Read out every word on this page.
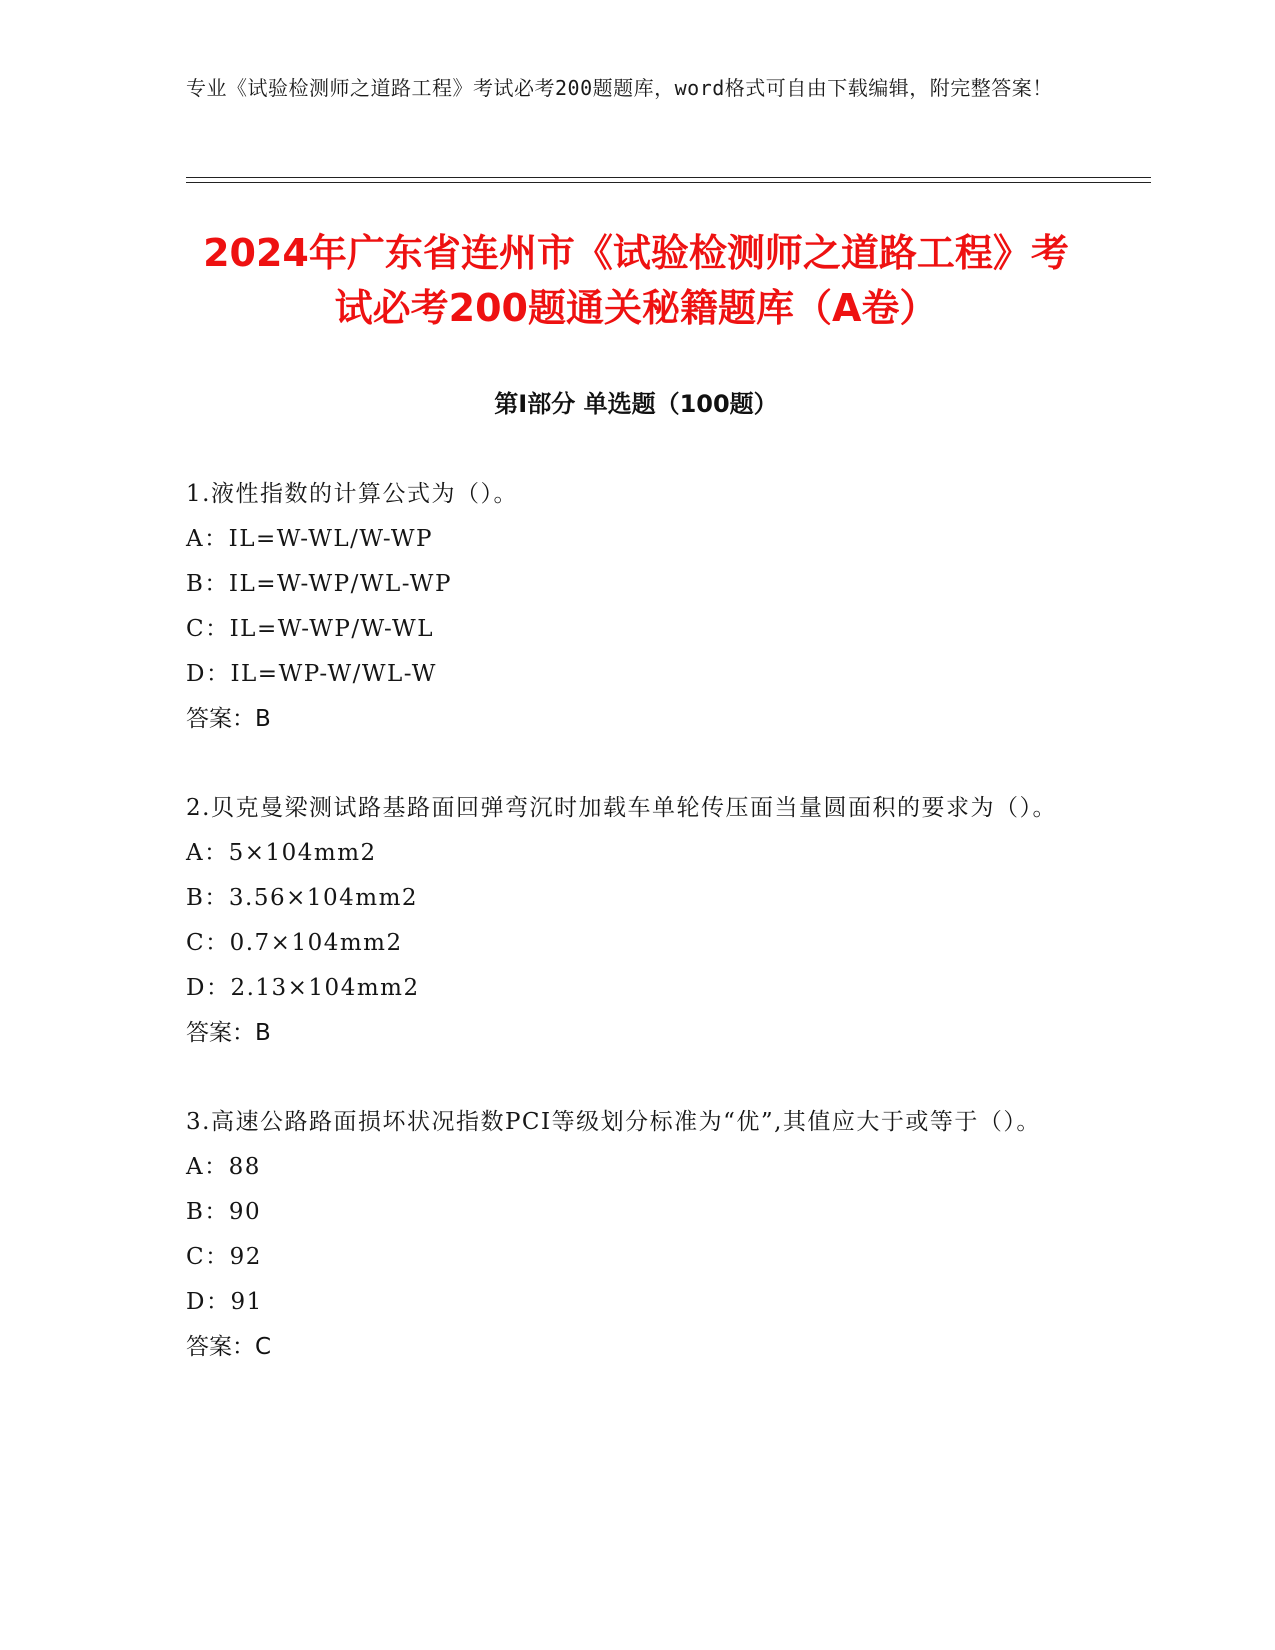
专业《试验检测师之道路工程》考试必考200题题库，word格式可自由下载编辑，附完整答案！
2024年广东省连州市《试验检测师之道路工程》考试必考200题通关秘籍题库（A卷）
第Ⅰ部分 单选题（100题）
1.液性指数的计算公式为（）。
A：IL=W-WL/W-WP
B：IL=W-WP/WL-WP
C：IL=W-WP/W-WL
D：IL=WP-W/WL-W
答案：B
2.贝克曼梁测试路基路面回弹弯沉时加载车单轮传压面当量圆面积的要求为（）。
A：5×104mm2
B：3.56×104mm2
C：0.7×104mm2
D：2.13×104mm2
答案：B
3.高速公路路面损坏状况指数PCI等级划分标准为“优”,其值应大于或等于（）。
A：88
B：90
C：92
D：91
答案：C
